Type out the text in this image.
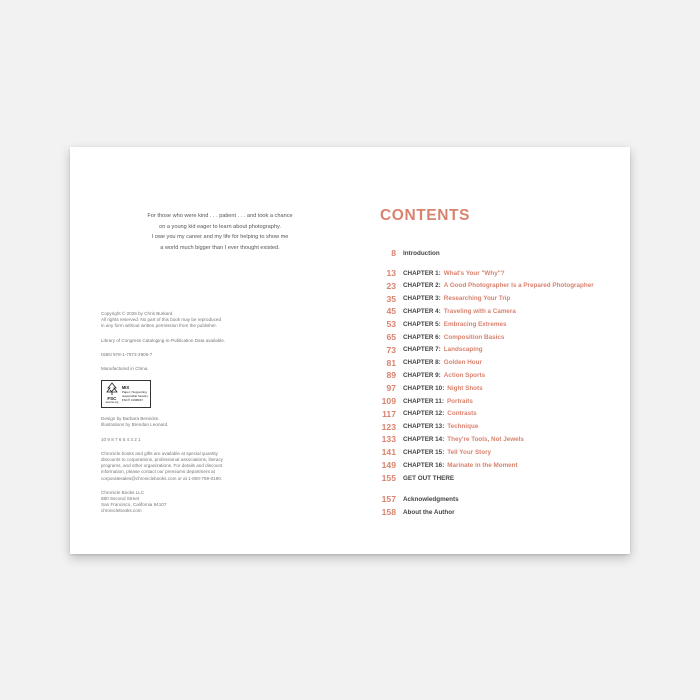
For those who were kind . . . patient . . . and took a chance
on a young kid eager to learn about photography.
I owe you my career and my life for helping to show me
a world much bigger than I ever thought existed.
Copyright © 2026 by Chris Burkard.
All rights reserved. No part of this book may be reproduced
in any form without written permission from the publisher.
Library of Congress Cataloging-in-Publication Data available.
ISBN 978-1-7972-2905-7
Manufactured in China.
FSC
www.fsc.org
MIX
Paper | Supporting
responsible forestry
FSC® C008047
Design by Barbara Benecke.
Illustrations by Brendan Leonard.
10 9 8 7 6 5 4 3 2 1
Chronicle books and gifts are available at special quantity
discounts to corporations, professional associations, literacy
programs, and other organizations. For details and discount
information, please contact our premiums department at
corporatesales@chroniclebooks.com or at 1-800-759-0190.
Chronicle Books LLC
680 Second Street
San Francisco, California 94107
chroniclebooks.com
CONTENTS
8 Introduction
13 CHAPTER 1: What's Your "Why"?
23 CHAPTER 2: A Good Photographer Is a Prepared Photographer
35 CHAPTER 3: Researching Your Trip
45 CHAPTER 4: Traveling with a Camera
53 CHAPTER 5: Embracing Extremes
65 CHAPTER 6: Composition Basics
73 CHAPTER 7: Landscaping
81 CHAPTER 8: Golden Hour
89 CHAPTER 9: Action Sports
97 CHAPTER 10: Night Shots
109 CHAPTER 11: Portraits
117 CHAPTER 12: Contrasts
123 CHAPTER 13: Technique
133 CHAPTER 14: They're Tools, Not Jewels
141 CHAPTER 15: Tell Your Story
149 CHAPTER 16: Marinate in the Moment
155 GET OUT THERE
157 Acknowledgments
158 About the Author
